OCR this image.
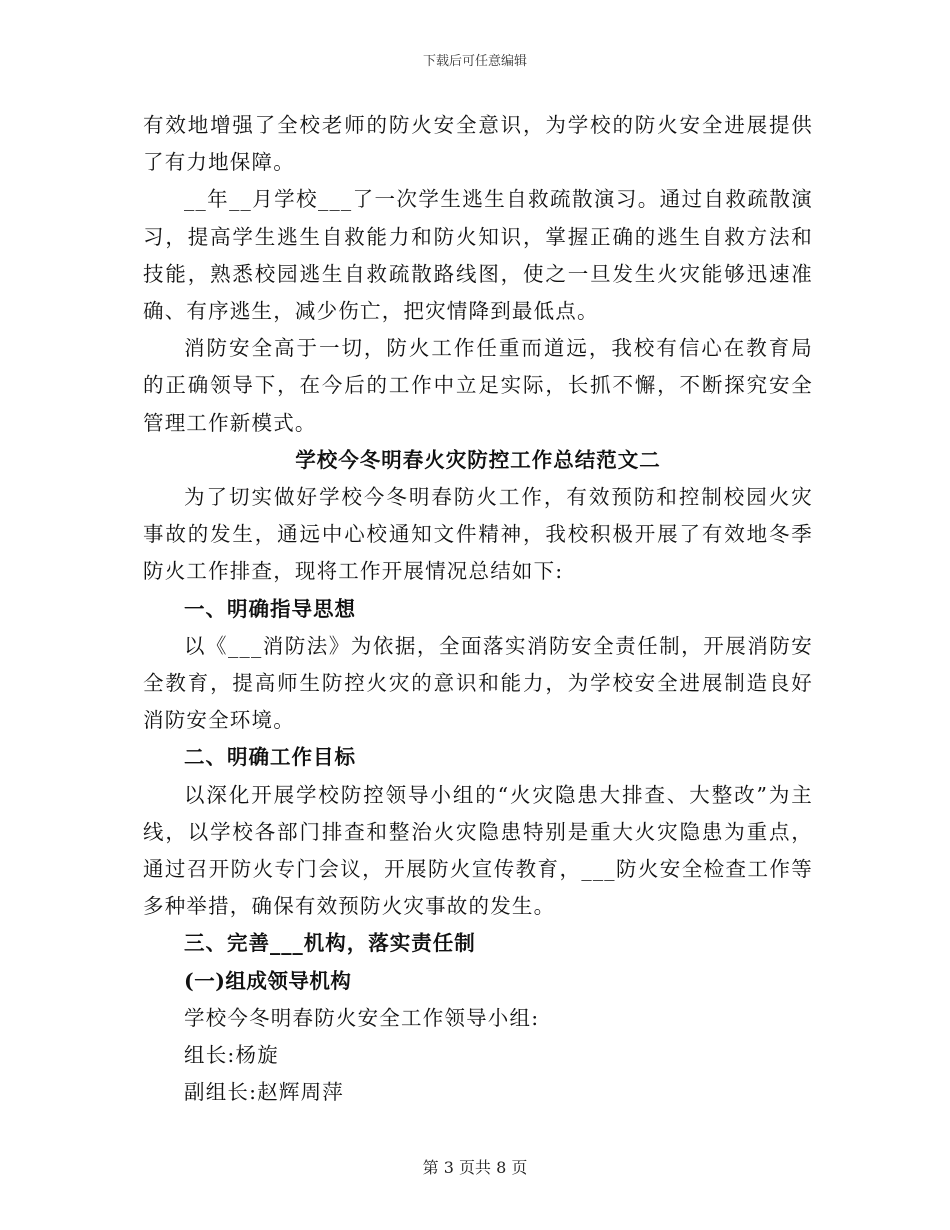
下载后可任意编辑

有效地增强了全校老师的防火安全意识，为学校的防火安全进展提供了有力地保障。

__年__月学校___了一次学生逃生自救疏散演习。通过自救疏散演习，提高学生逃生自救能力和防火知识，掌握正确的逃生自救方法和技能，熟悉校园逃生自救疏散路线图，使之一旦发生火灾能够迅速准确、有序逃生，减少伤亡，把灾情降到最低点。

消防安全高于一切，防火工作任重而道远，我校有信心在教育局的正确领导下，在今后的工作中立足实际，长抓不懈，不断探究安全管理工作新模式。

学校今冬明春火灾防控工作总结范文二

为了切实做好学校今冬明春防火工作，有效预防和控制校园火灾事故的发生，通远中心校通知文件精神，我校积极开展了有效地冬季防火工作排查，现将工作开展情况总结如下:

一、明确指导思想

以《___消防法》为依据，全面落实消防安全责任制，开展消防安全教育，提高师生防控火灾的意识和能力，为学校安全进展制造良好消防安全环境。

二、明确工作目标

以深化开展学校防控领导小组的“火灾隐患大排查、大整改”为主线，以学校各部门排查和整治火灾隐患特别是重大火灾隐患为重点，通过召开防火专门会议，开展防火宣传教育，___防火安全检查工作等多种举措，确保有效预防火灾事故的发生。

三、完善___机构，落实责任制

(一)组成领导机构

学校今冬明春防火安全工作领导小组:

组长:杨旋

副组长:赵辉周萍

第 3 页共 8 页
